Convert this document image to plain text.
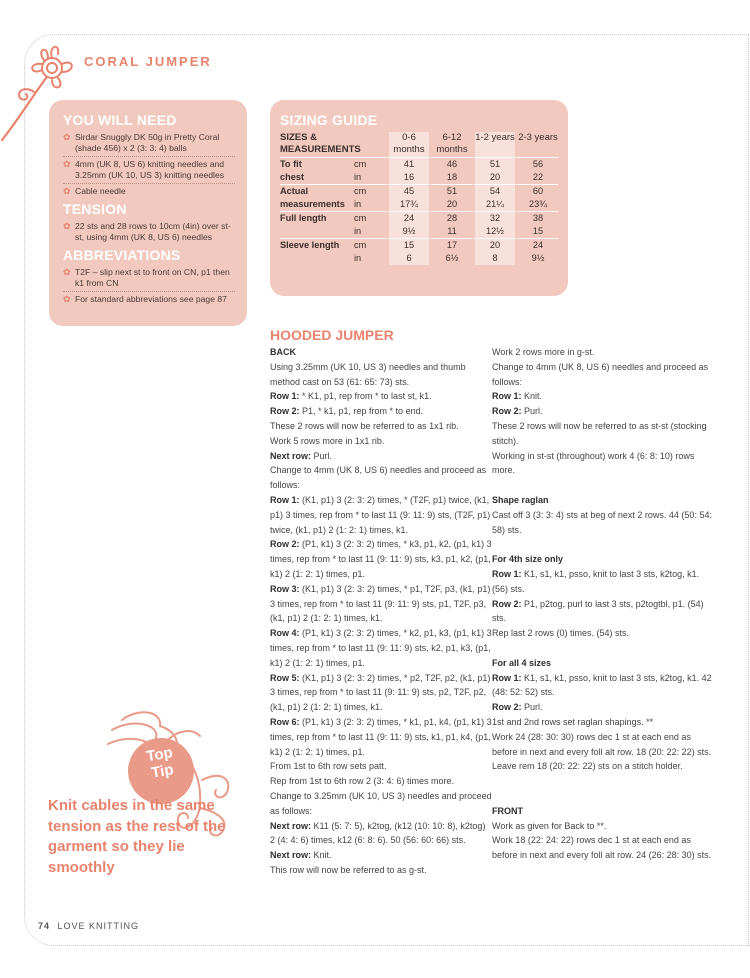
CORAL JUMPER
YOU WILL NEED
✿ Sirdar Snuggly DK 50g in Pretty Coral (shade 456) x 2 (3: 3: 4) balls
✿ 4mm (UK 8, US 6) knitting needles and 3.25mm (UK 10, US 3) knitting needles
✿ Cable needle
TENSION
✿ 22 sts and 28 rows to 10cm (4in) over st-st, using 4mm (UK 8, US 6) needles
ABBREVIATIONS
✿ T2F – slip next st to front on CN, p1 then k1 from CN
✿ For standard abbreviations see page 87
SIZING GUIDE
SIZES & MEASUREMENTS		0-6 months	6-12 months	1-2 years	2-3 years
To fit	cm	41	46	51	56
chest	in	16	18	20	22
Actual	cm	45	51	54	60
measurements	in	17¾	20	21¼	23¾
Full length	cm	24	28	32	38
	in	9½	11	12½	15
Sleeve length	cm	15	17	20	24
	in	6	6½	8	9½
HOODED JUMPER

BACK

Using 3.25mm (UK 10, US 3) needles and thumb method cast on 53 (61: 65: 73) sts.

Row 1: * K1, p1, rep from * to last st, k1.

Row 2: P1, * k1, p1, rep from * to end.

These 2 rows will now be referred to as 1x1 rib.

Work 5 rows more in 1x1 rib.

Next row: Purl.

Change to 4mm (UK 8, US 6) needles and proceed as follows:

Row 1: (K1, p1) 3 (2: 3: 2) times, * (T2F, p1) twice, (k1, p1) 3 times, rep from * to last 11 (9: 11: 9) sts, (T2F, p1) twice, (k1, p1) 2 (1: 2: 1) times, k1.

Row 2: (P1, k1) 3 (2: 3: 2) times, * k3, p1, k2, (p1, k1) 3 times, rep from * to last 11 (9: 11: 9) sts, k3, p1, k2, (p1, k1) 2 (1: 2: 1) times, p1.

Row 3: (K1, p1) 3 (2: 3: 2) times, * p1, T2F, p3, (k1, p1) 3 times, rep from * to last 11 (9: 11: 9) sts, p1, T2F, p3, (k1, p1) 2 (1: 2: 1) times, k1.

Row 4: (P1, k1) 3 (2: 3: 2) times, * k2, p1, k3, (p1, k1) 3 times, rep from * to last 11 (9: 11: 9) sts, k2, p1, k3, (p1, k1) 2 (1: 2: 1) times, p1.

Row 5: (K1, p1) 3 (2: 3: 2) times, * p2, T2F, p2, (k1, p1) 3 times, rep from * to last 11 (9: 11: 9) sts, p2, T2F, p2, (k1, p1) 2 (1: 2: 1) times, k1.

Row 6: (P1, k1) 3 (2: 3: 2) times, * k1, p1, k4, (p1, k1) 3 times, rep from * to last 11 (9: 11: 9) sts, k1, p1, k4, (p1, k1) 2 (1: 2: 1) times, p1.

From 1st to 6th row sets patt.

Rep from 1st to 6th row 2 (3: 4: 6) times more.

Change to 3.25mm (UK 10, US 3) needles and proceed as follows:

Next row: K11 (5: 7: 5), k2tog, (k12 (10: 10: 8), k2tog) 2 (4: 4: 6) times, k12 (6: 8: 6). 50 (56: 60: 66) sts.

Next row: Knit.

This row will now be referred to as g-st.

Work 2 rows more in g-st.

Change to 4mm (UK 8, US 6) needles and proceed as follows:

Row 1: Knit.

Row 2: Purl.

These 2 rows will now be referred to as st-st (stocking stitch).

Working in st-st (throughout) work 4 (6: 8: 10) rows more.

Shape raglan

Cast off 3 (3: 3: 4) sts at beg of next 2 rows. 44 (50: 54: 58) sts.

For 4th size only

Row 1: K1, s1, k1, psso, knit to last 3 sts, k2tog, k1. (56) sts.

Row 2: P1, p2tog, purl to last 3 sts, p2togtbl, p1. (54) sts.

Rep last 2 rows (0) times. (54) sts.

For all 4 sizes

Row 1: K1, s1, k1, psso, knit to last 3 sts, k2tog, k1. 42 (48: 52: 52) sts.

Row 2: Purl.

1st and 2nd rows set raglan shapings. **

Work 24 (28: 30: 30) rows dec 1 st at each end as before in next and every foll alt row. 18 (20: 22: 22) sts.

Leave rem 18 (20: 22: 22) sts on a stitch holder.

FRONT

Work as given for Back to **.

Work 18 (22: 24: 22) rows dec 1 st at each end as before in next and every foll alt row. 24 (26: 28: 30) sts.

Top
Tip
Knit cables in the same tension as the rest of the garment so they lie smoothly
74 LOVE KNITTING
